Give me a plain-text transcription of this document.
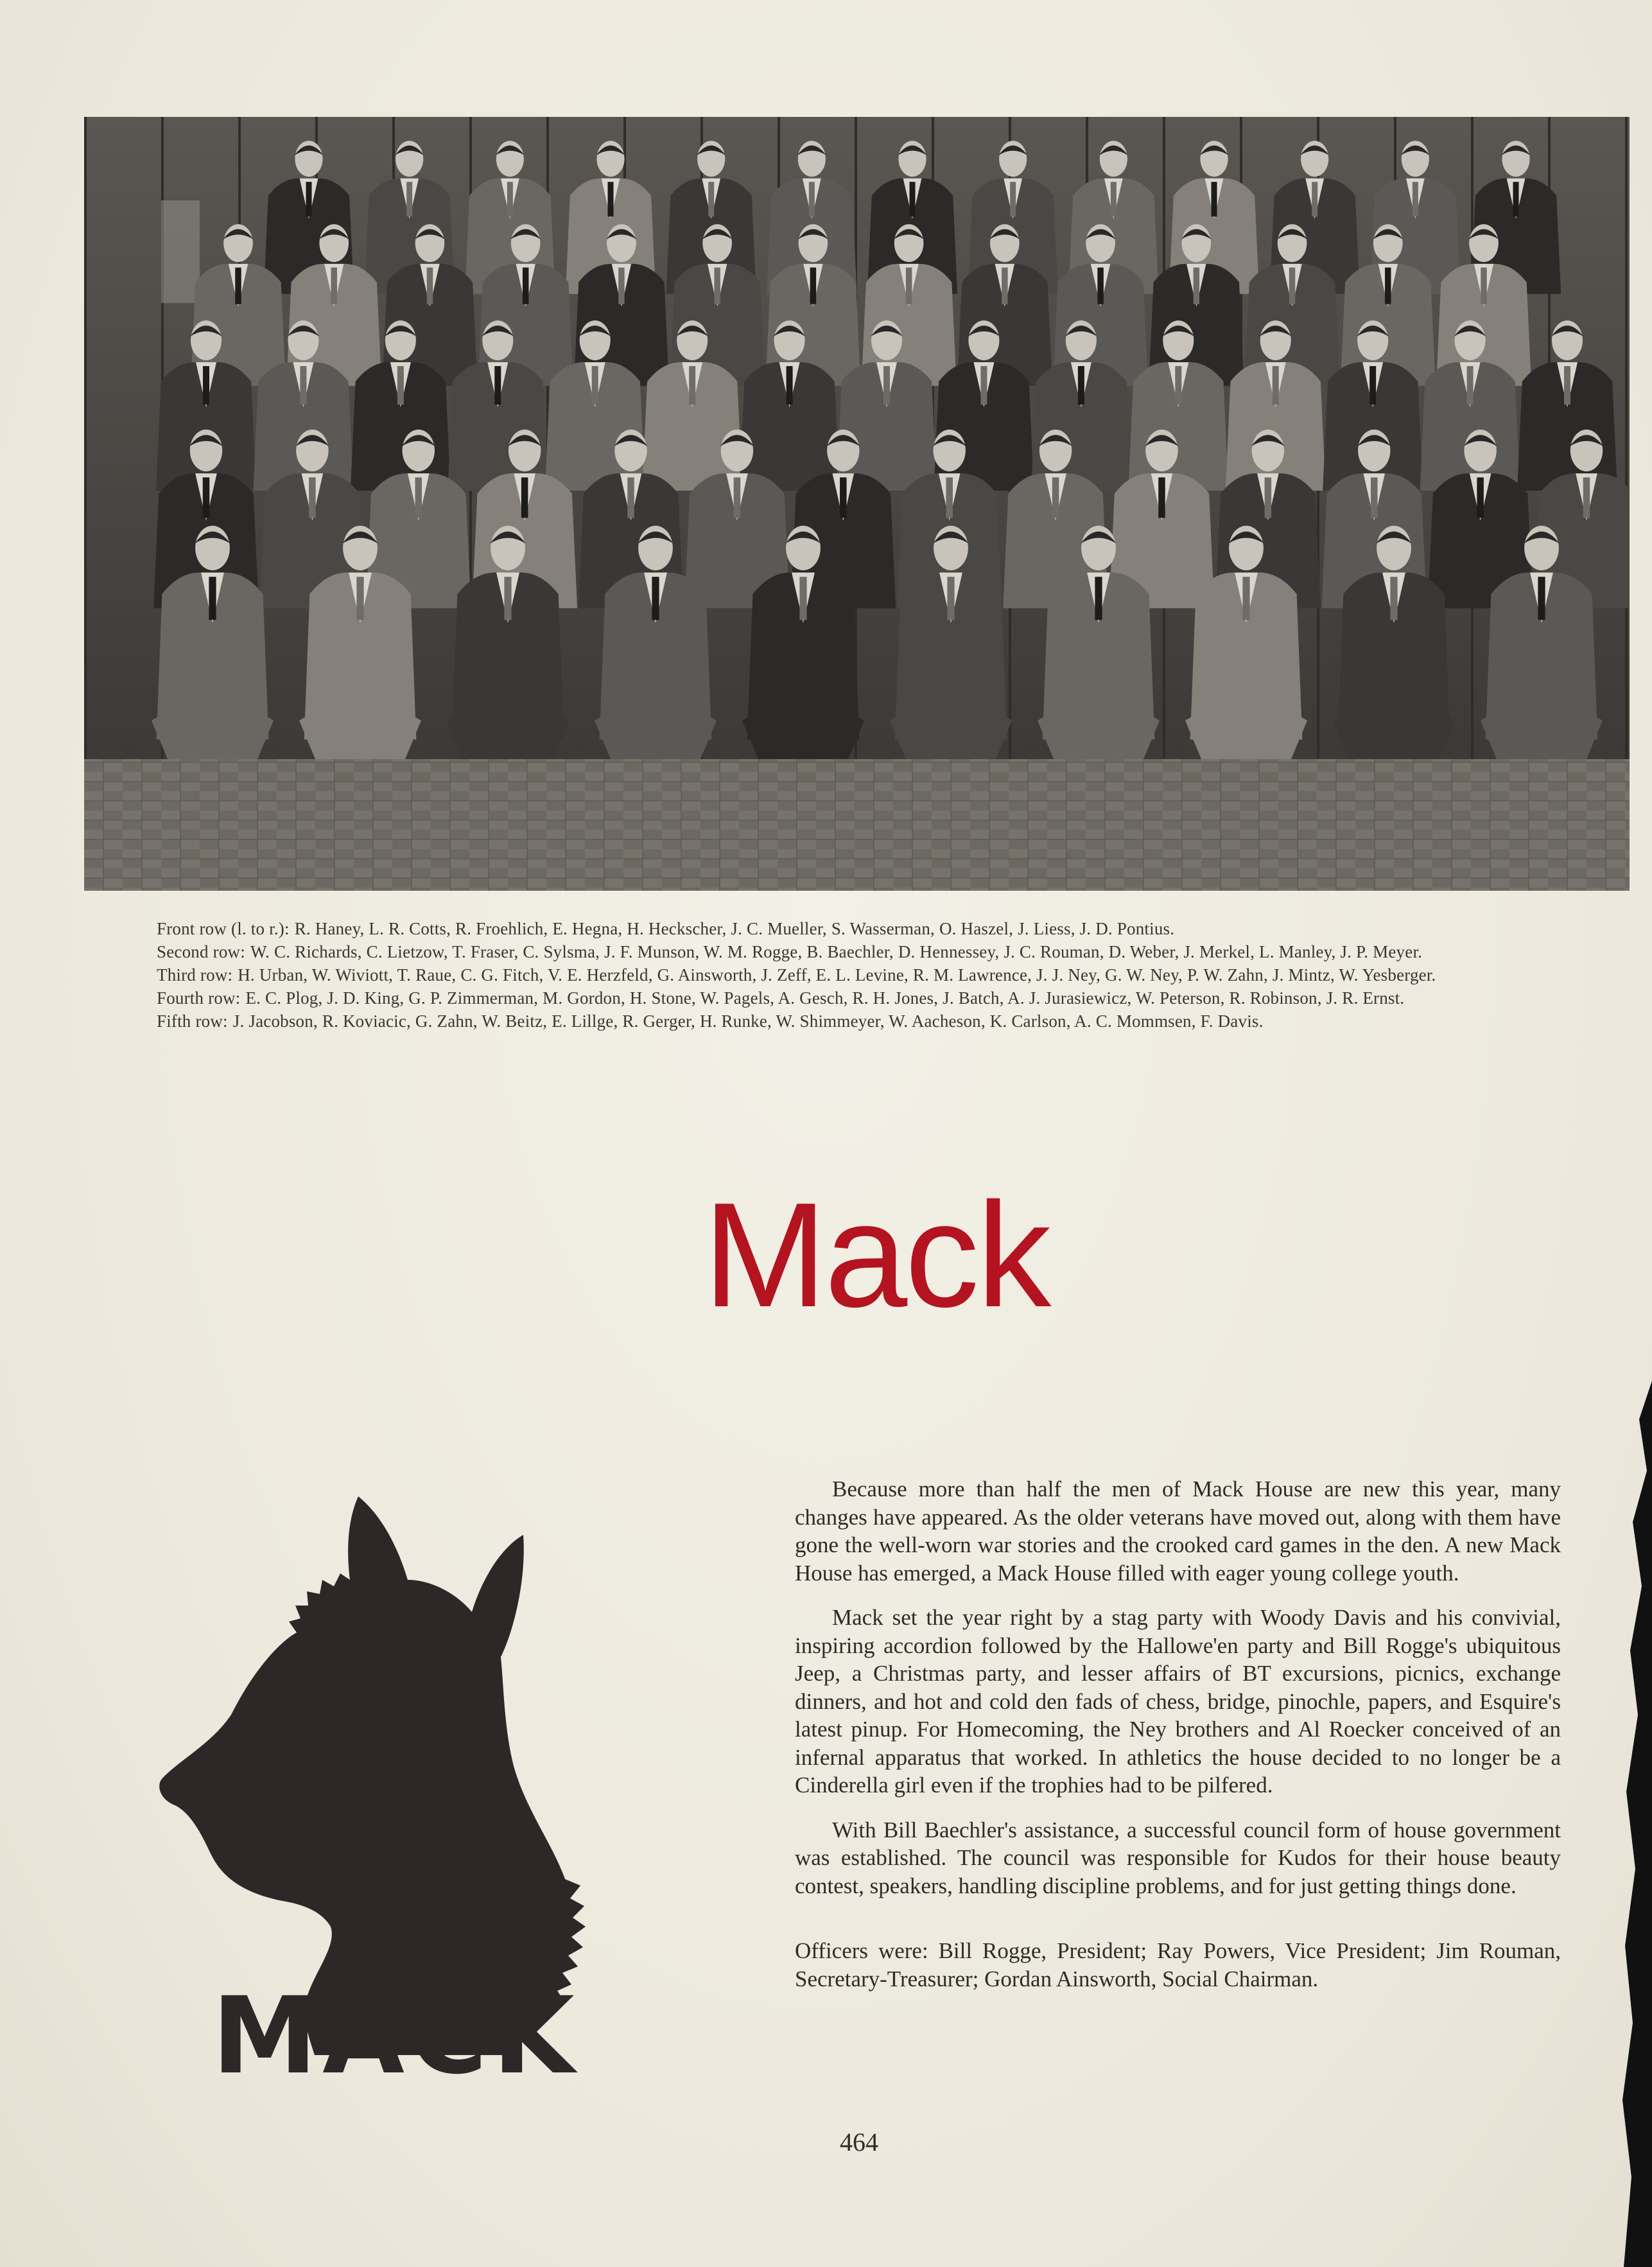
Front row (l. to r.): R. Haney, L. R. Cotts, R. Froehlich, E. Hegna, H. Heckscher, J. C. Mueller, S. Wasserman, O. Haszel, J. Liess, J. D. Pontius.

Second row: W. C. Richards, C. Lietzow, T. Fraser, C. Sylsma, J. F. Munson, W. M. Rogge, B. Baechler, D. Hennessey, J. C. Rouman, D. Weber, J. Merkel, L. Manley, J. P. Meyer.

Third row: H. Urban, W. Wiviott, T. Raue, C. G. Fitch, V. E. Herzfeld, G. Ainsworth, J. Zeff, E. L. Levine, R. M. Lawrence, J. J. Ney, G. W. Ney, P. W. Zahn, J. Mintz, W. Yesberger.

Fourth row: E. C. Plog, J. D. King, G. P. Zimmerman, M. Gordon, H. Stone, W. Pagels, A. Gesch, R. H. Jones, J. Batch, A. J. Jurasiewicz, W. Peterson, R. Robinson, J. R. Ernst.

Fifth row: J. Jacobson, R. Koviacic, G. Zahn, W. Beitz, E. Lillge, R. Gerger, H. Runke, W. Shimmeyer, W. Aacheson, K. Carlson, A. C. Mommsen, F. Davis.

Mack
MACK

Because more than half the men of Mack House are new this year, many changes have appeared. As the older veterans have moved out, along with them have gone the well-worn war stories and the crooked card games in the den. A new Mack House has emerged, a Mack House filled with eager young college youth.

Mack set the year right by a stag party with Woody Davis and his convivial, inspiring accordion followed by the Hallowe'en party and Bill Rogge's ubiquitous Jeep, a Christmas party, and lesser affairs of BT excursions, picnics, exchange dinners, and hot and cold den fads of chess, bridge, pinochle, papers, and Esquire's latest pinup. For Homecoming, the Ney brothers and Al Roecker conceived of an infernal apparatus that worked. In athletics the house decided to no longer be a Cinderella girl even if the trophies had to be pilfered.

With Bill Baechler's assistance, a successful council form of house government was established. The council was responsible for Kudos for their house beauty contest, speakers, handling discipline problems, and for just getting things done.

Officers were: Bill Rogge, President; Ray Powers, Vice President; Jim Rouman, Secretary-Treasurer; Gordan Ainsworth, Social Chairman.

464
